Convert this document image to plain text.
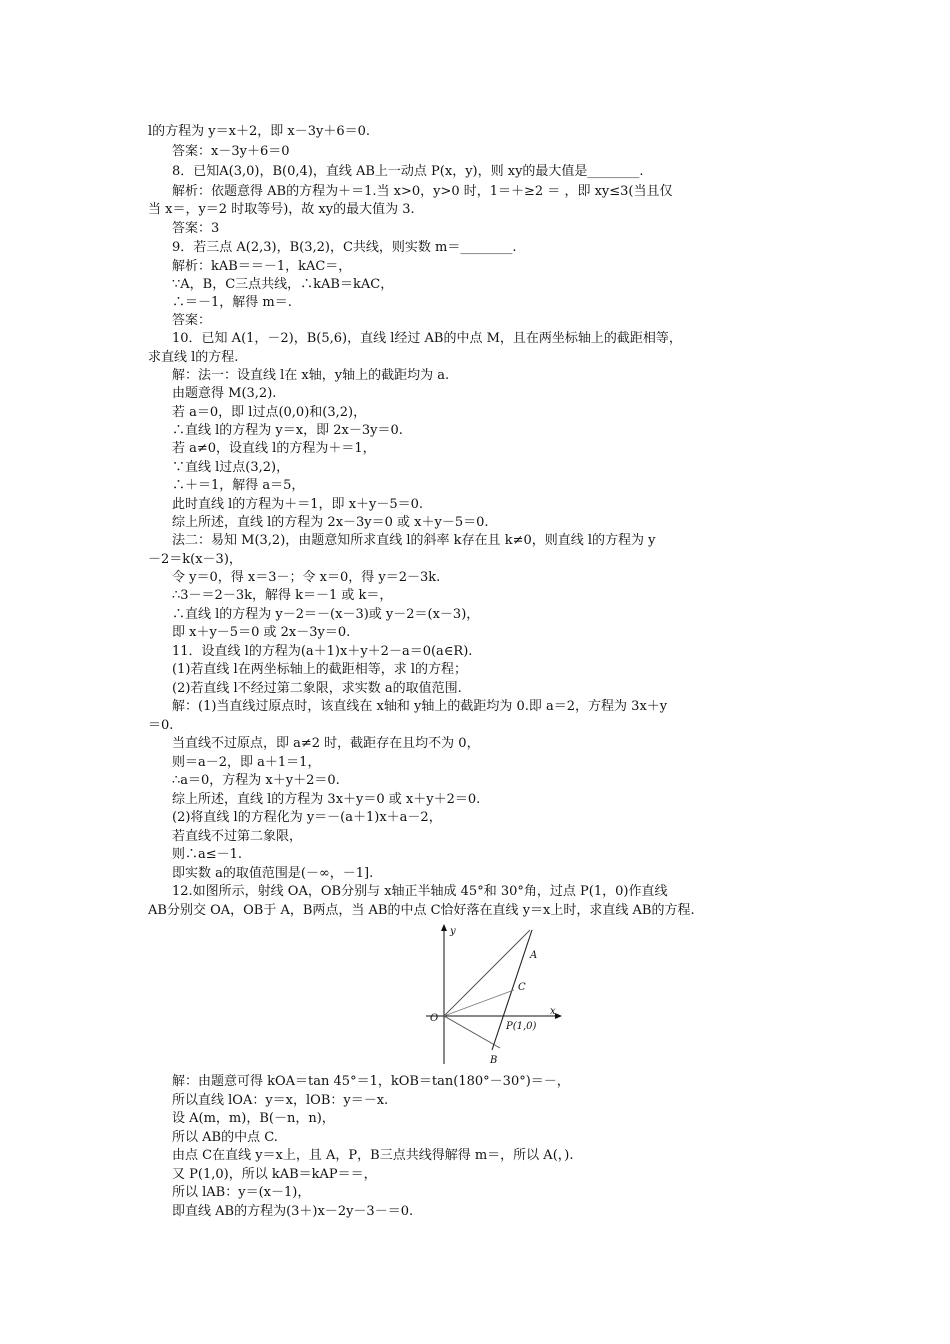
l的方程为 y＝x＋2，即 x－3y＋6＝0.
答案：x－3y＋6＝0
8．已知A(3,0)，B(0,4)，直线 AB上一动点 P(x，y)，则 xy的最大值是________.
解析：依题意得 AB的方程为＋＝1.当 x>0，y>0 时，1＝＋≥2 ＝ ，即 xy≤3(当且仅
当 x＝，y＝2 时取等号)，故 xy的最大值为 3.
答案：3
9．若三点 A(2,3)，B(3,2)，C共线，则实数 m＝________.
解析：kAB＝＝－1，kAC＝，
∵A，B，C三点共线，∴kAB＝kAC，
∴＝－1，解得 m＝.
答案：
10．已知 A(1，－2)，B(5,6)，直线 l经过 AB的中点 M，且在两坐标轴上的截距相等，
求直线 l的方程.
解：法一：设直线 l在 x轴，y轴上的截距均为 a.
由题意得 M(3,2).
若 a＝0，即 l过点(0,0)和(3,2)，
∴直线 l的方程为 y＝x，即 2x－3y＝0.
若 a≠0，设直线 l的方程为＋＝1，
∵直线 l过点(3,2)，
∴＋＝1，解得 a＝5，
此时直线 l的方程为＋＝1，即 x＋y－5＝0.
综上所述，直线 l的方程为 2x－3y＝0 或 x＋y－5＝0.
法二：易知 M(3,2)，由题意知所求直线 l的斜率 k存在且 k≠0，则直线 l的方程为 y
－2＝k(x－3)，
令 y＝0，得 x＝3－；令 x＝0，得 y＝2－3k.
∴3－＝2－3k，解得 k＝－1 或 k＝，
∴直线 l的方程为 y－2＝－(x－3)或 y－2＝(x－3)，
即 x＋y－5＝0 或 2x－3y＝0.
11．设直线 l的方程为(a＋1)x＋y＋2－a＝0(a∈R).
(1)若直线 l在两坐标轴上的截距相等，求 l的方程；
(2)若直线 l不经过第二象限，求实数 a的取值范围.
解：(1)当直线过原点时，该直线在 x轴和 y轴上的截距均为 0.即 a＝2，方程为 3x＋y
＝0.
当直线不过原点，即 a≠2 时，截距存在且均不为 0，
则＝a－2，即 a＋1＝1，
∴a＝0，方程为 x＋y＋2＝0.
综上所述，直线 l的方程为 3x＋y＝0 或 x＋y＋2＝0.
(2)将直线 l的方程化为 y＝－(a＋1)x＋a－2，
若直线不过第二象限，
则∴a≤－1.
即实数 a的取值范围是(－∞，－1].
12.如图所示，射线 OA，OB分别与 x轴正半轴成 45°和 30°角，过点 P(1，0)作直线
AB分别交 OA，OB于 A，B两点，当 AB的中点 C恰好落在直线 y＝x上时，求直线 AB的方程.
y
x
O
A
C
P(1,0)
B
解：由题意可得 kOA＝tan 45°＝1，kOB＝tan(180°－30°)＝－，
所以直线 lOA：y＝x，lOB：y＝－x.
设 A(m，m)，B(－n，n)，
所以 AB的中点 C.
由点 C在直线 y＝x上，且 A，P，B三点共线得解得 m＝，所以 A(，).
又 P(1,0)，所以 kAB＝kAP＝＝，
所以 lAB：y＝(x－1)，
即直线 AB的方程为(3＋)x－2y－3－＝0.
